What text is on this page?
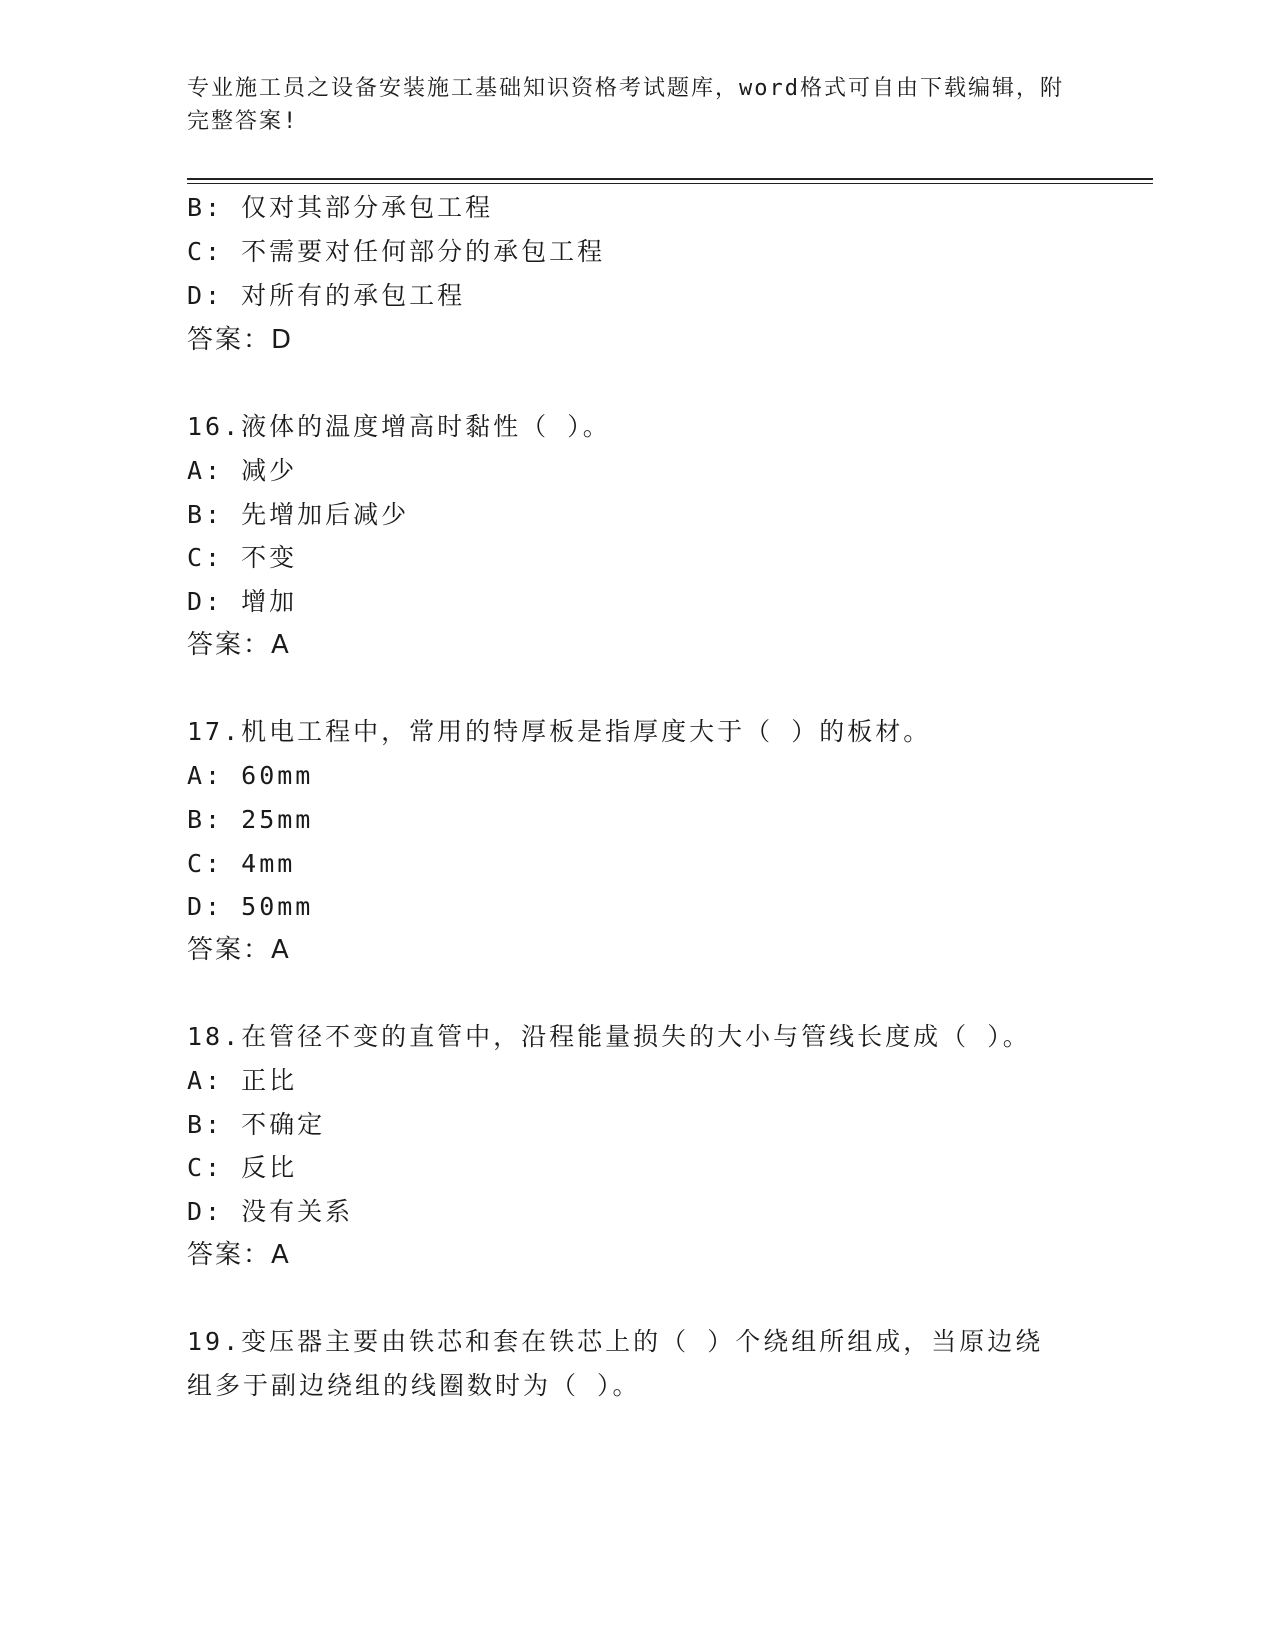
专业施工员之设备安装施工基础知识资格考试题库，word格式可自由下载编辑，附完整答案!
B: 仅对其部分承包工程
C: 不需要对任何部分的承包工程
D: 对所有的承包工程
答案：D
16.液体的温度增高时黏性（ ）。
A: 减少
B: 先增加后减少
C: 不变
D: 增加
答案：A
17.机电工程中，常用的特厚板是指厚度大于（ ）的板材。
A: 60mm
B: 25mm
C: 4mm
D: 50mm
答案：A
18.在管径不变的直管中，沿程能量损失的大小与管线长度成（ ）。
A: 正比
B: 不确定
C: 反比
D: 没有关系
答案：A
19.变压器主要由铁芯和套在铁芯上的（ ）个绕组所组成，当原边绕
组多于副边绕组的线圈数时为（ ）。
